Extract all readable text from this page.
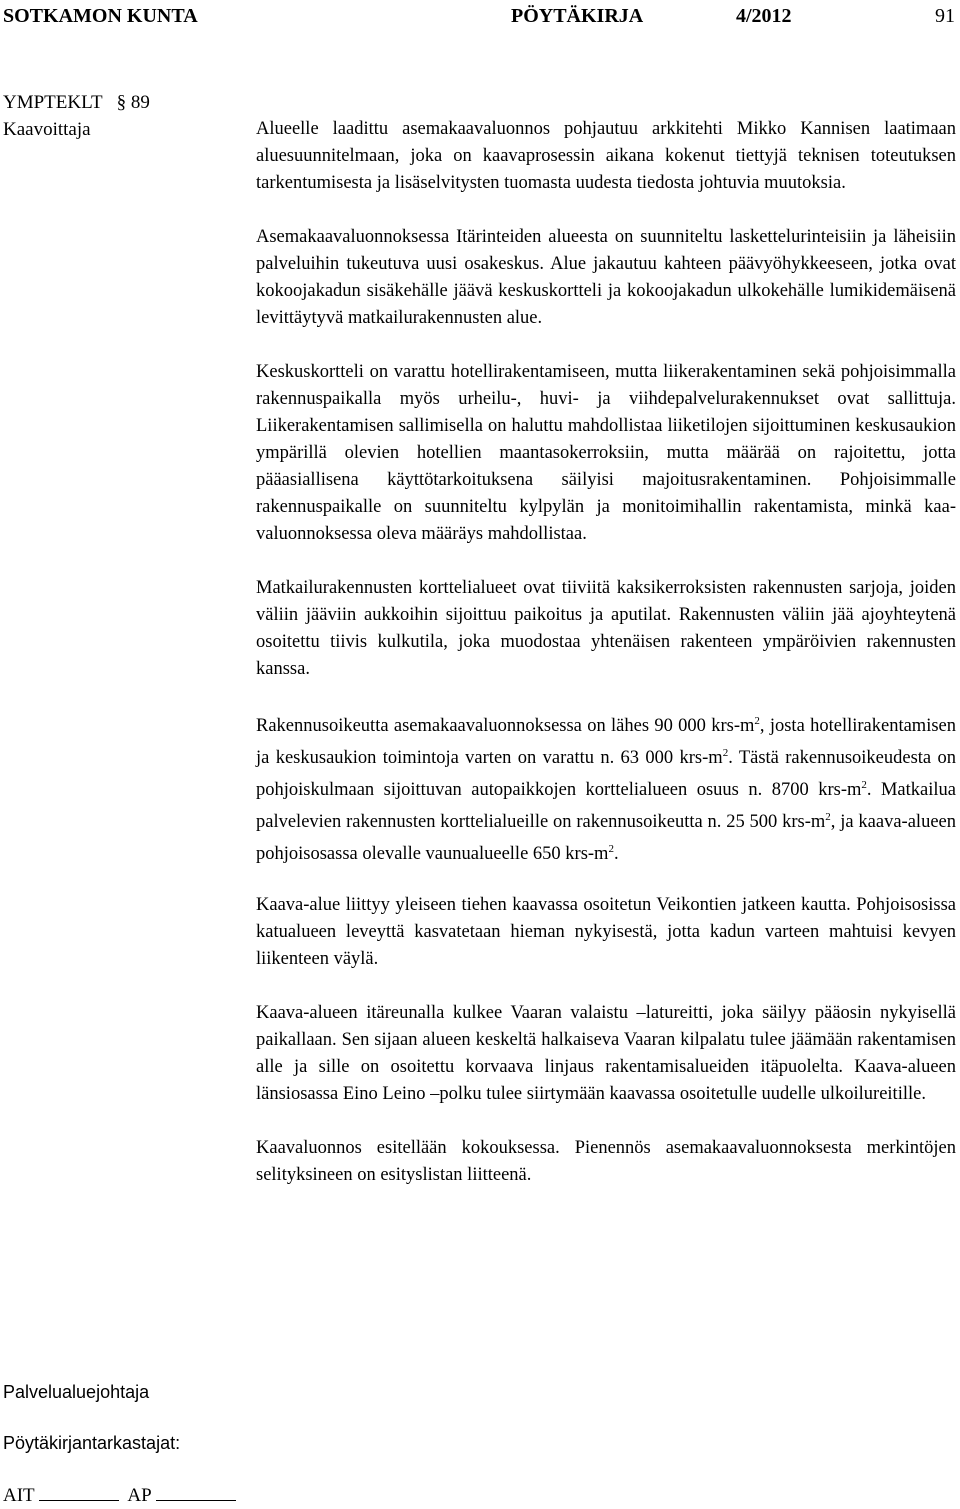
SOTKAMON KUNTA	PÖYTÄKIRJA	4/2012	91
YMPTEKLT § 89
Kaavoittaja	Alueelle laadittu asemakaavaluonnos pohjautuu arkkitehti Mikko Kannisen laatimaan aluesuunnitelmaan, joka on kaavaprosessin aikana kokenut tiettyjä teknisen toteutuksen tarkentumisesta ja lisäselvitysten tuomasta uudesta tiedosta johtuvia muutoksia.

Asemakaavaluonnoksessa Itärinteiden alueesta on suunniteltu laskettelurinteisiin ja läheisiin palveluihin tukeutuva uusi osakeskus. Alue jakautuu kahteen päävyöhykkeeseen, jotka ovat kokoojakadun sisäkehälle jäävä keskuskortteli ja kokoojakadun ulkokehälle lumikidemäisenä levittäytyvä matkailurakennusten alue.

Keskuskortteli on varattu hotellirakentamiseen, mutta liikerakentaminen sekä pohjoisimmalla rakennuspaikalla myös urheilu-, huvi- ja viihdepalvelurakennukset ovat sallittuja. Liikerakentamisen sallimisella on haluttu mahdollistaa liiketilojen sijoittuminen keskusaukion ympärillä olevien hotellien maantasokerroksiin, mutta määrää on rajoitettu, jotta pääasiallisena käyttötarkoituksena säilyisi majoitusrakentaminen. Pohjoisimmalle rakennuspaikalle on suunniteltu kylpylän ja monitoimihallin rakentamista, minkä kaavaluonnoksessa oleva määräys mahdollistaa.

Matkailurakennusten korttelialueet ovat tiiviitä kaksikerroksisten rakennusten sarjoja, joiden väliin jääviin aukkoihin sijoittuu paikoitus ja aputilat. Rakennusten väliin jää ajoyhteytenä osoitettu tiivis kulkutila, joka muodostaa yhtenäisen rakenteen ympäröivien rakennusten kanssa.

Rakennusoikeutta asemakaavaluonnoksessa on lähes 90 000 krs-$m^2$, josta hotellirakentamisen ja keskusaukion toimintoja varten on varattu n. 63 000 krs-$m^2$. Tästä rakennusoikeudesta on pohjoiskulmaan sijoittuvan autopaikkojen korttelialueen osuus n. 8700 krs-$m^2$. Matkailua palvelevien rakennusten korttelialueille on rakennusoikeutta n. 25 500 krs-$m^2$, ja kaava-alueen pohjoisosassa olevalle vaunualueelle 650 krs-$m^2$.

Kaava-alue liittyy yleiseen tiehen kaavassa osoitetun Veikontien jatkeen kautta. Pohjoisosissa katualueen leveyttä kasvatetaan hieman nykyisestä, jotta kadun varteen mahtuisi kevyen liikenteen väylä.

Kaava-alueen itäreunalla kulkee Vaaran valaistu –latureitti, joka säilyy pääosin nykyisellä paikallaan. Sen sijaan alueen keskeltä halkaiseva Vaaran kilpalatu tulee jäämään rakentamisen alle ja sille on osoitettu korvaava linjaus rakentamisalueiden itäpuolelta. Kaava-alueen länsiosassa Eino Leino –polku tulee siirtymään kaavassa osoitetulle uudelle ulkoilureitille.

Kaavaluonnos esitellään kokouksessa. Pienennös asemakaavaluonnoksesta merkintöjen selityksineen on esityslistan liitteenä.

Palvelualuejohtaja
Pöytäkirjantarkastajat:
AIT	AP
